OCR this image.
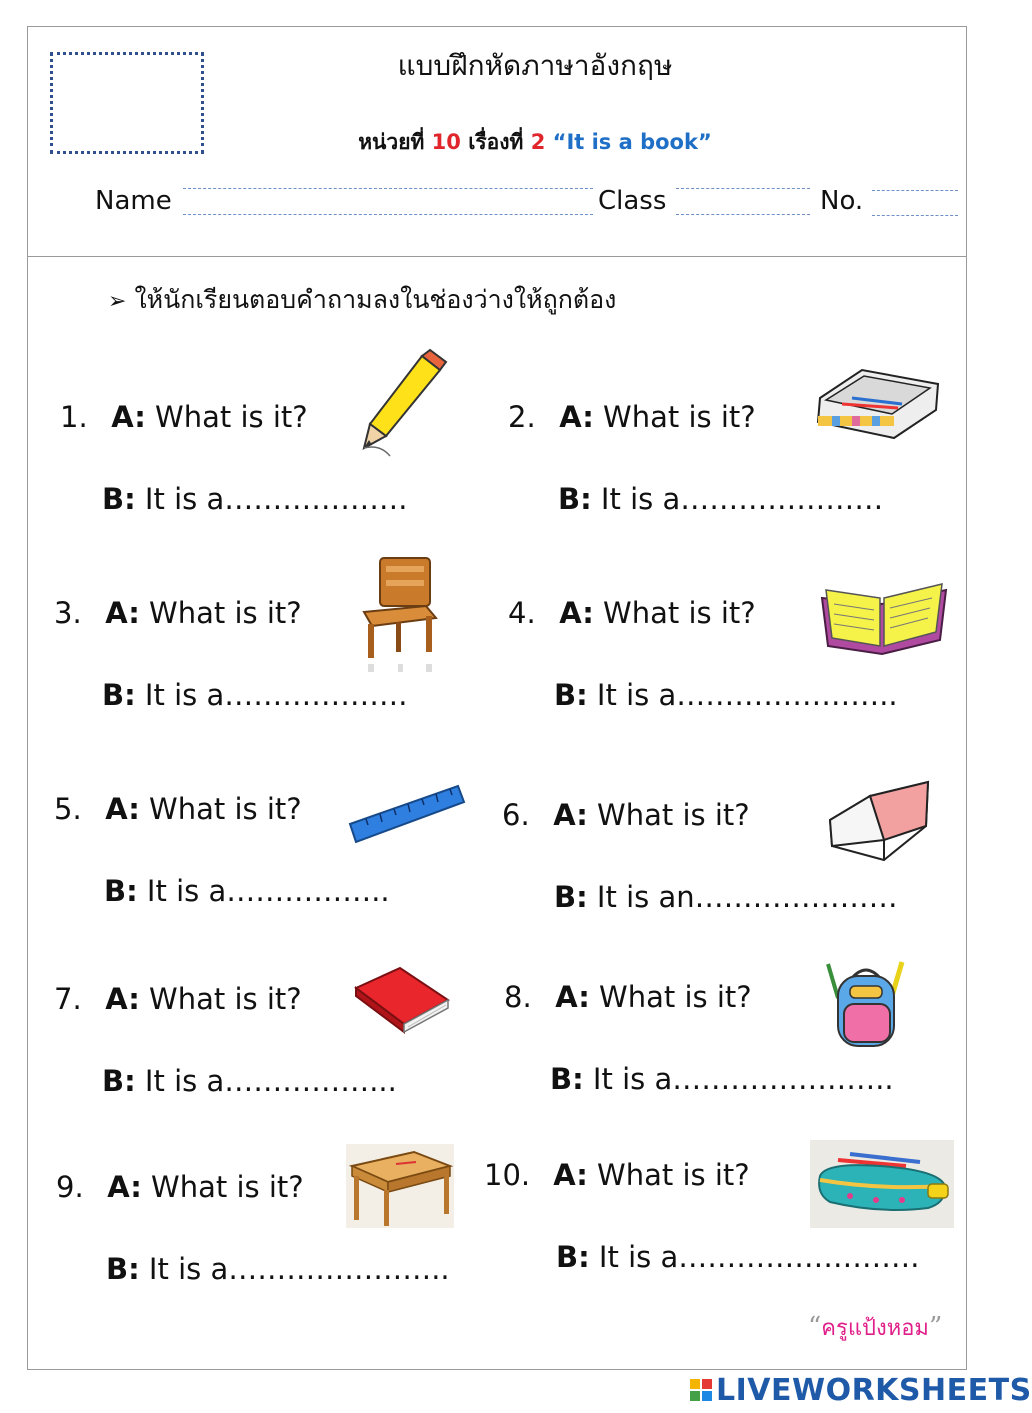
แบบฝึกหัดภาษาอังกฤษ
หน่วยที่ 10 เรื่องที่ 2 “It is a book”
Name	Class	No.
➢ ให้นักเรียนตอบคำถามลงในช่องว่างให้ถูกต้อง
1. A: What is it?
B: It is a……………….
2. A: What is it?
B: It is a…………………
3. A: What is it?
B: It is a……………….
4. A: What is it?
B: It is a…………………..
5. A: What is it?
B: It is a……………..
6. A: What is it?
B: It is an…………………
7. A: What is it?
B: It is a……………...
8. A: What is it?
B: It is a…………………..
9. A: What is it?
B: It is a…………………..
10. A: What is it?
B: It is a…………………….
“ครูแป้งหอม”
LIVEWORKSHEETS
